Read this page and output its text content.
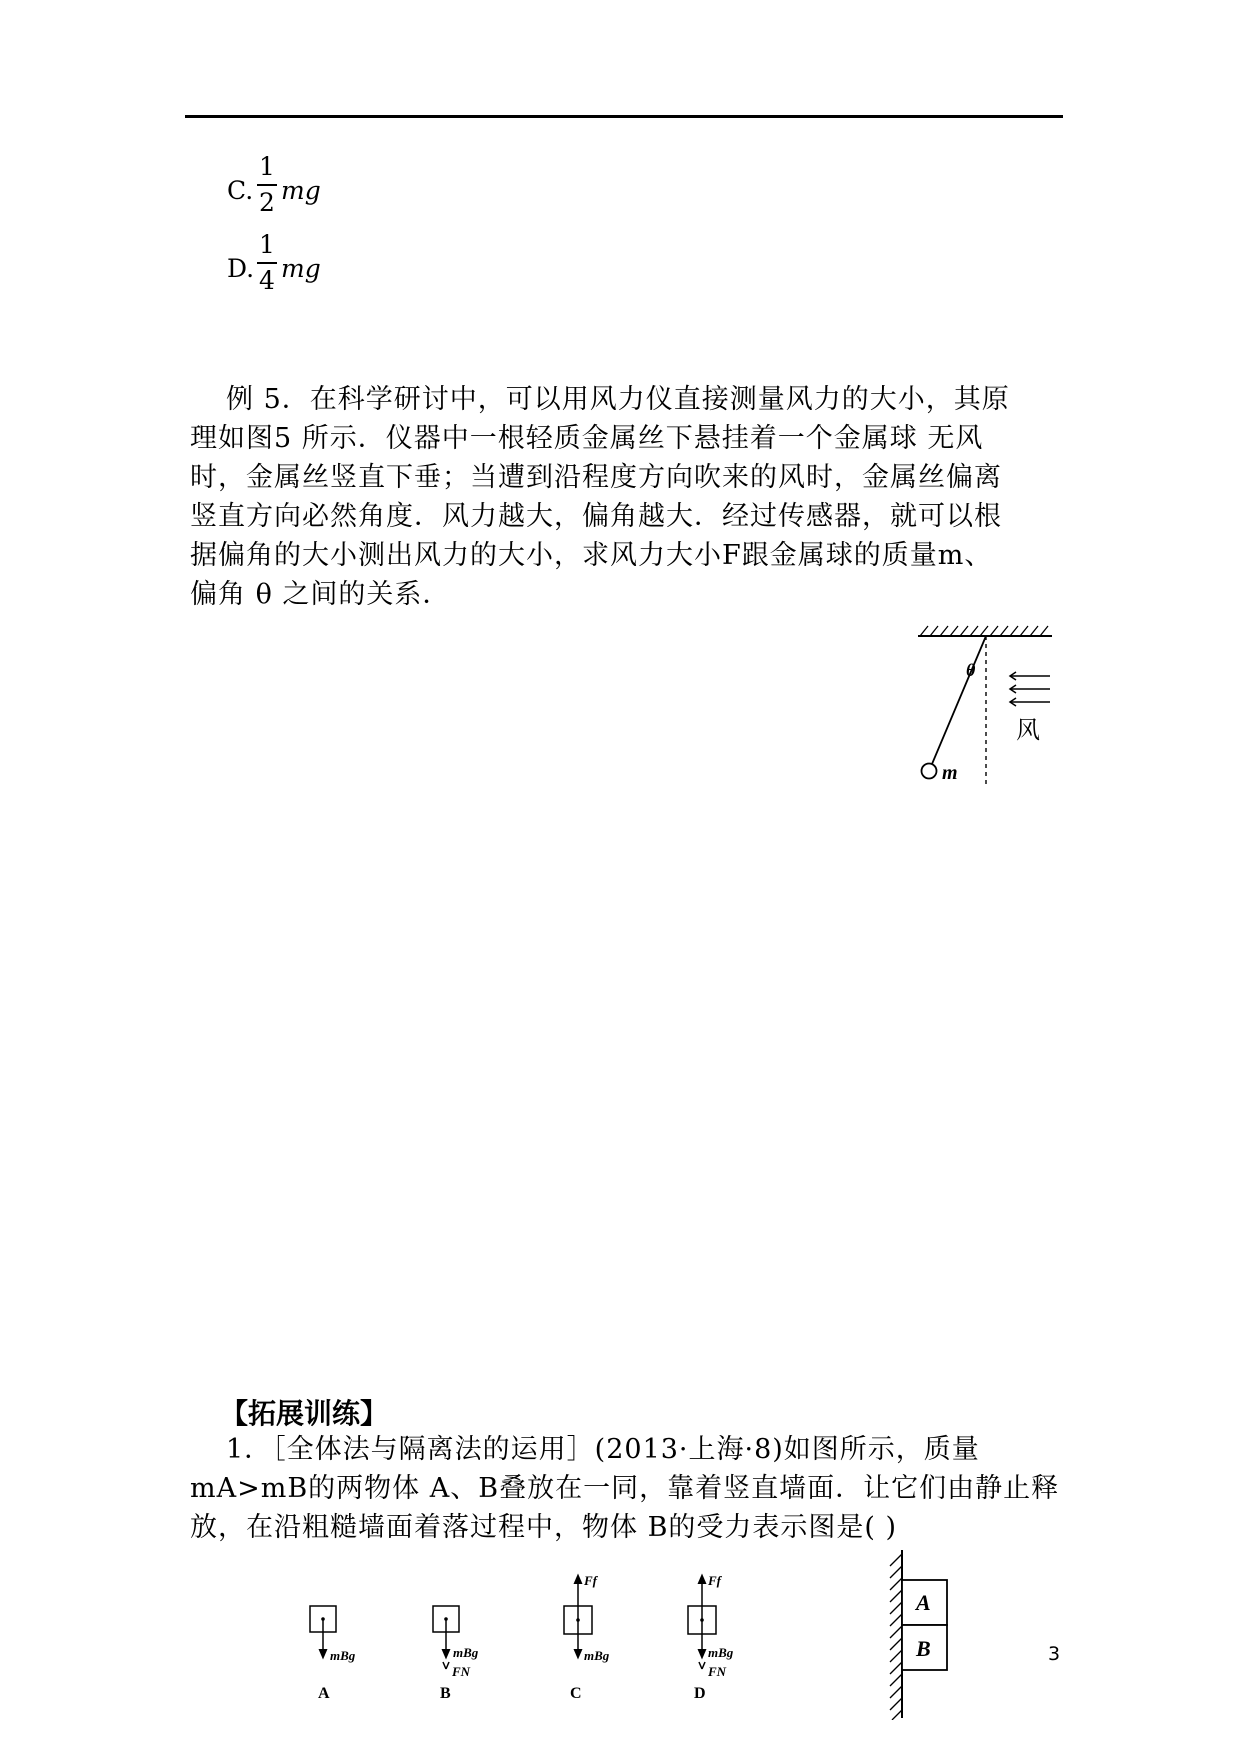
C.
1
2 mg
D.
1
4 mg
例 5．在科学研讨中，可以用风力仪直接测量风力的大小，其原
理如图5 所示．仪器中一根轻质金属丝下悬挂着一个金属球 无风
时，金属丝竖直下垂；当遭到沿程度方向吹来的风时，金属丝偏离
竖直方向必然角度．风力越大，偏角越大．经过传感器，就可以根
据偏角的大小测出风力的大小，求风力大小F跟金属球的质量m、
偏角 θ 之间的关系．
θ
m
风
【拓展训练】
1．［全体法与隔离法的运用］(2013·上海·8)如图所示，质量
mA>mB的两物体 A、B叠放在一同，靠着竖直墙面．让它们由静止释
放，在沿粗糙墙面着落过程中，物体 B的受力表示图是( )
mBg
A
mBg
FN
B
Ff
mBg
C
Ff
mBg
FN
D
A
B	3
